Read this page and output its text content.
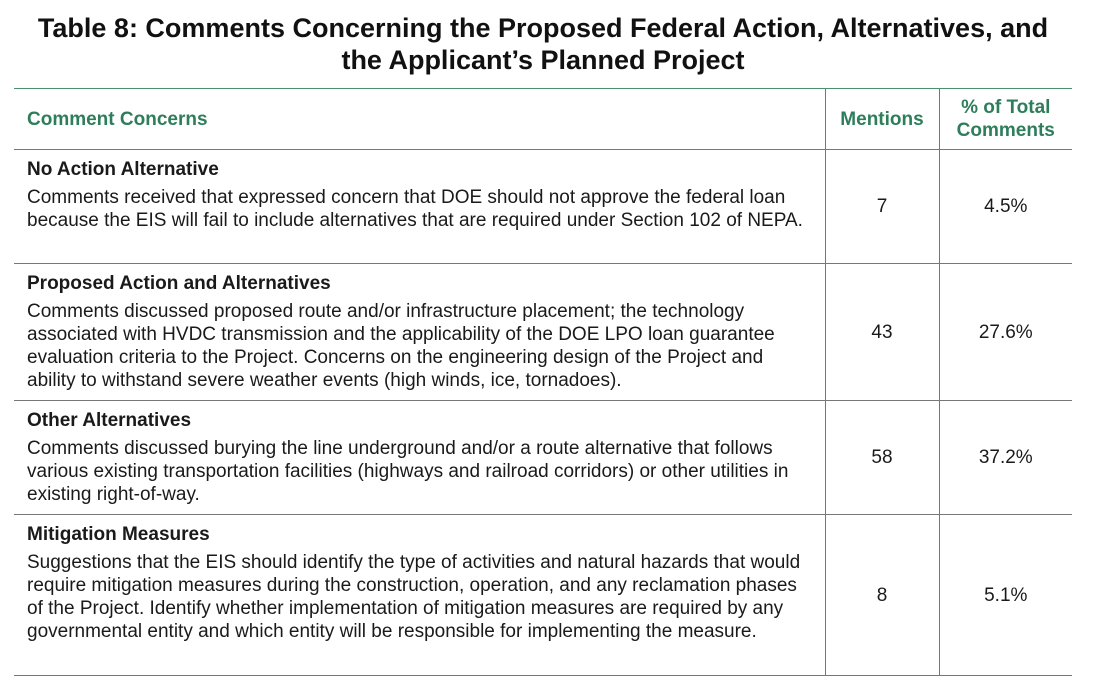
Table 8: Comments Concerning the Proposed Federal Action, Alternatives, and
the Applicant’s Planned Project
Comment Concerns	Mentions	% of Total
Comments

No Action Alternative
Comments received that expressed concern that DOE should not approve the federal loan because the EIS will fail to include alternatives that are required under Section 102 of NEPA.	7	4.5%

Proposed Action and Alternatives
Comments discussed proposed route and/or infrastructure placement; the technology associated with HVDC transmission and the applicability of the DOE LPO loan guarantee evaluation criteria to the Project. Concerns on the engineering design of the Project and ability to withstand severe weather events (high winds, ice, tornadoes).	43	27.6%

Other Alternatives
Comments discussed burying the line underground and/or a route alternative that follows various existing transportation facilities (highways and railroad corridors) or other utilities in existing right-of-way.	58	37.2%

Mitigation Measures
Suggestions that the EIS should identify the type of activities and natural hazards that would require mitigation measures during the construction, operation, and any reclamation phases of the Project. Identify whether implementation of mitigation measures are required by any governmental entity and which entity will be responsible for implementing the measure.	8	5.1%
